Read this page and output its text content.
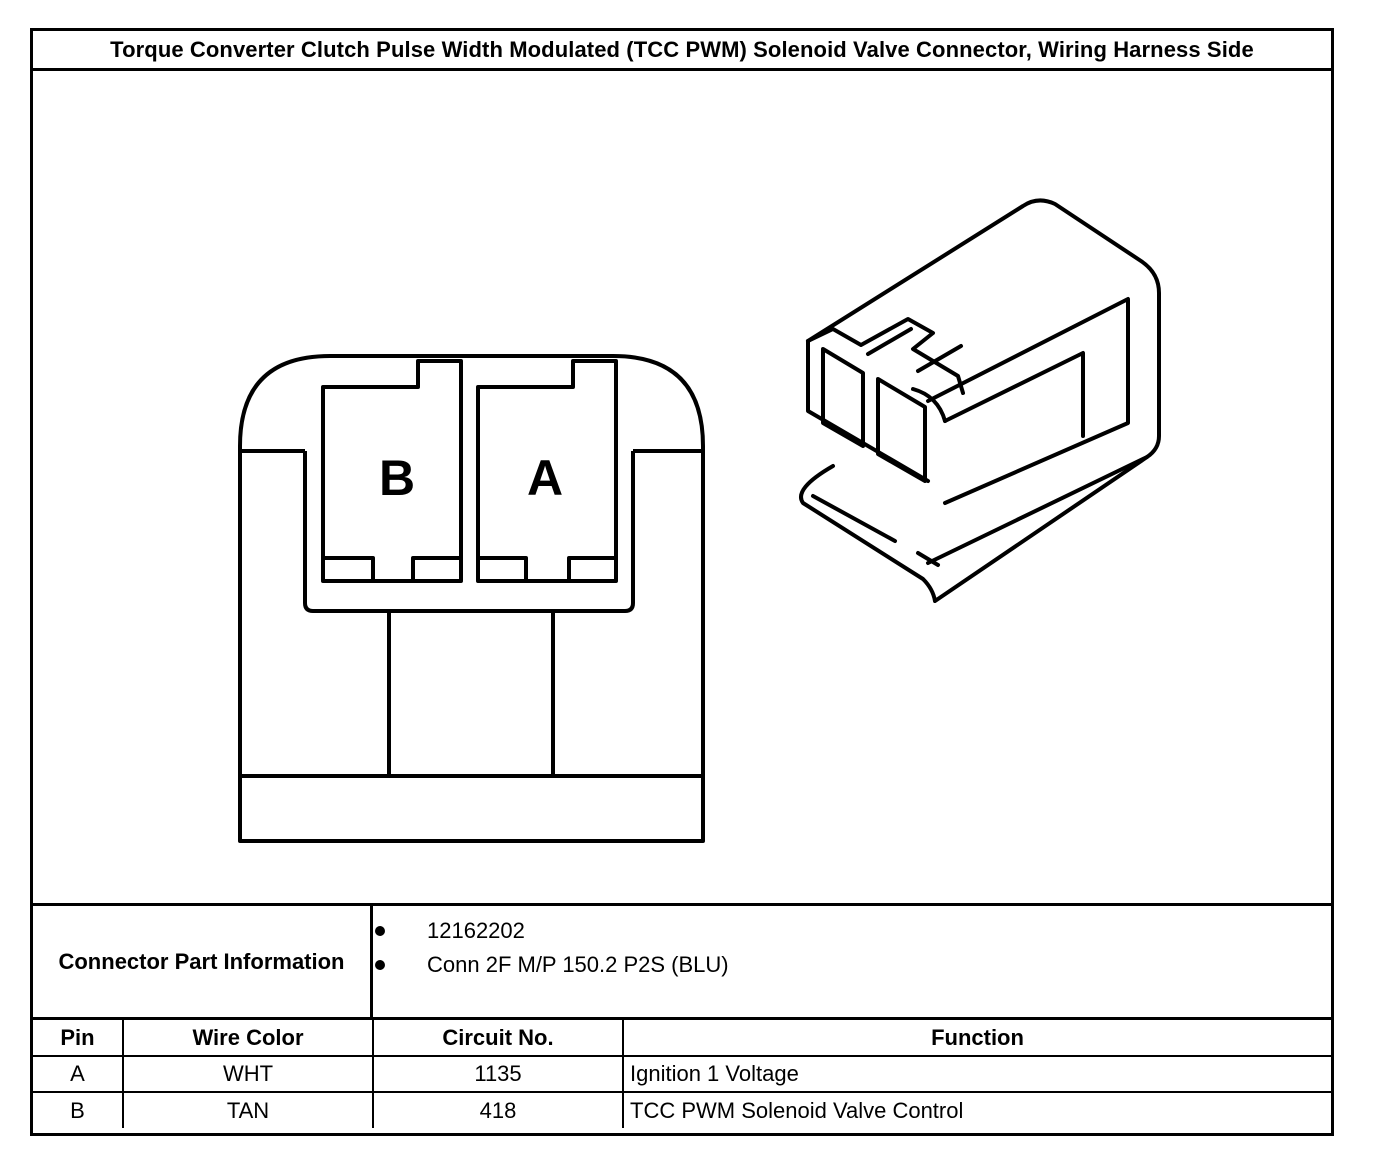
Torque Converter Clutch Pulse Width Modulated (TCC PWM) Solenoid Valve Connector, Wiring Harness Side
B A
Connector Part Information
12162202
Conn 2F M/P 150.2 P2S (BLU)
Pin	Wire Color	Circuit No.	Function
A	WHT	1135	Ignition 1 Voltage
B	TAN	418	TCC PWM Solenoid Valve Control
